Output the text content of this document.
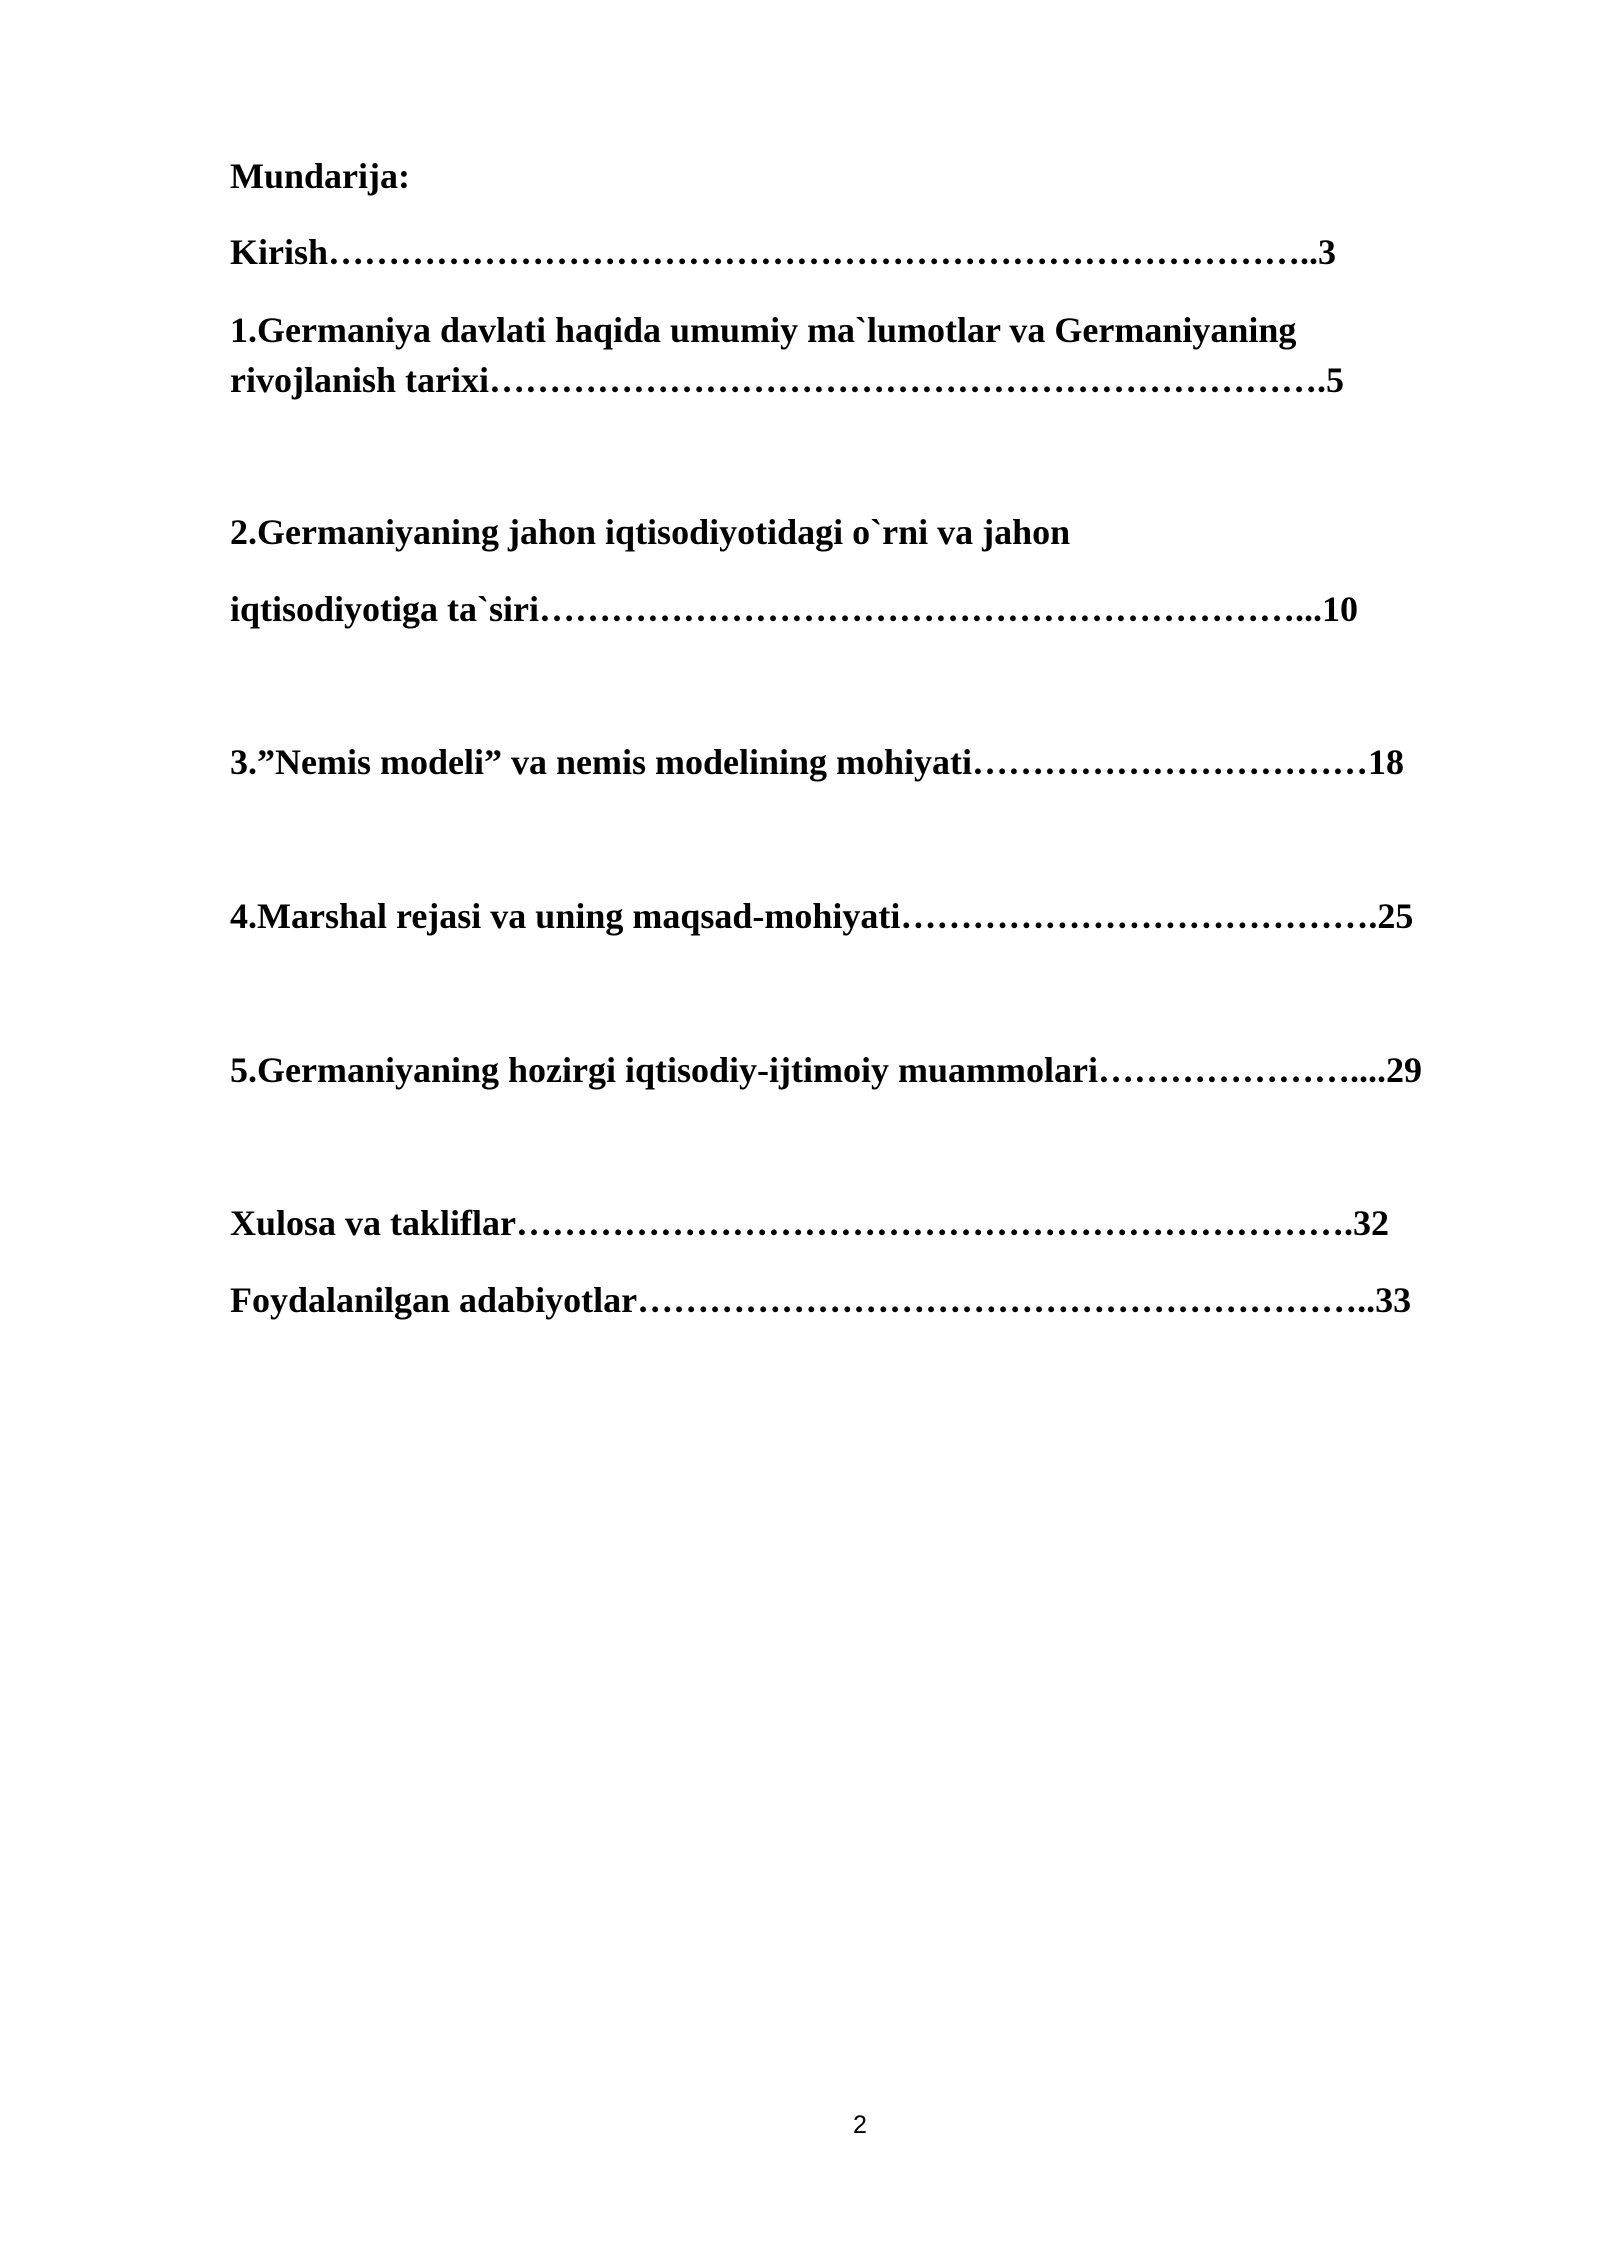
Mundarija:
Kirish………………………………………………………………………..3
1.Germaniya davlati haqida umumiy ma`lumotlar va Germaniyaning
rivojlanish tarixi…………………………………………………………….5
2.Germaniyaning jahon iqtisodiyotidagi o`rni va jahon
iqtisodiyotiga ta`siri………………………………………………………...10
3.”Nemis modeli” va nemis modelining mohiyati……………………………18
4.Marshal rejasi va uning maqsad-mohiyati………………………………….25
5.Germaniyaning hozirgi iqtisodiy-ijtimoiy muammolari…………………....29
Xulosa va takliflar…………………………………………………………….32
Foydalanilgan adabiyotlar……………………………………………………..33
2
